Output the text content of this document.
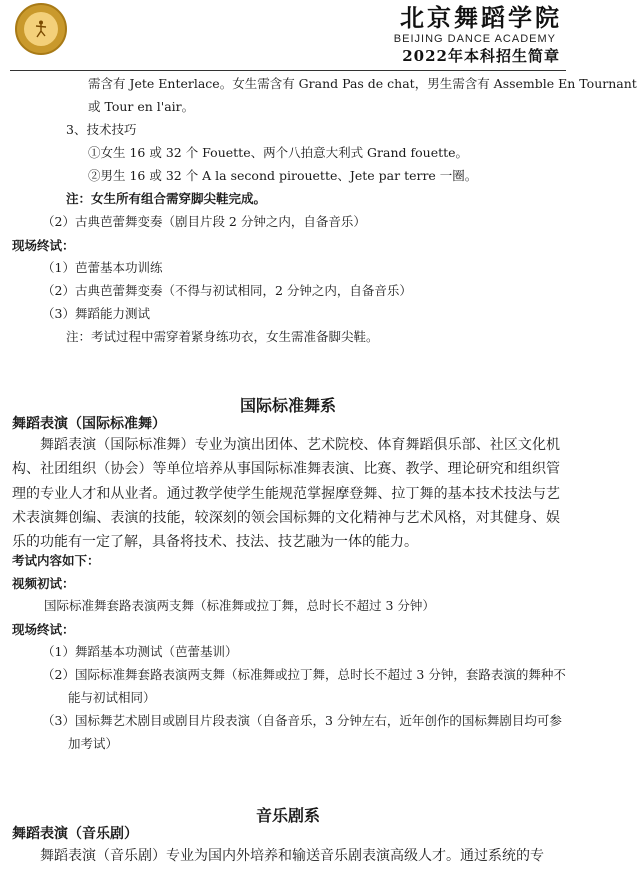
北京舞蹈学院
BEIJING DANCE ACADEMY
2022年本科招生简章
需含有 Jete Enterlace。女生需含有 Grand Pas de chat，男生需含有 Assemble En Tournant
或 Tour en l'air。
3、技术技巧
①女生 16 或 32 个 Fouette、两个八拍意大利式 Grand fouette。
②男生 16 或 32 个 A la second pirouette、Jete par terre 一圈。
注：女生所有组合需穿脚尖鞋完成。
（2）古典芭蕾舞变奏（剧目片段 2 分钟之内，自备音乐）
现场终试：
（1）芭蕾基本功训练
（2）古典芭蕾舞变奏（不得与初试相同，2 分钟之内，自备音乐）
（3）舞蹈能力测试
注：考试过程中需穿着紧身练功衣，女生需准备脚尖鞋。
国际标准舞系
舞蹈表演（国际标准舞）
舞蹈表演（国际标准舞）专业为演出团体、艺术院校、体育舞蹈俱乐部、社区文化机构、社团组织（协会）等单位培养从事国际标准舞表演、比赛、教学、理论研究和组织管理的专业人才和从业者。通过教学使学生能规范掌握摩登舞、拉丁舞的基本技术技法与艺术表演舞创编、表演的技能，较深刻的领会国标舞的文化精神与艺术风格，对其健身、娱乐的功能有一定了解，具备将技术、技法、技艺融为一体的能力。
考试内容如下：
视频初试：
国际标准舞套路表演两支舞（标准舞或拉丁舞，总时长不超过 3 分钟）
现场终试：
（1）舞蹈基本功测试（芭蕾基训）
（2）国际标准舞套路表演两支舞（标准舞或拉丁舞，总时长不超过 3 分钟，套路表演的舞种不
能与初试相同）
（3）国标舞艺术剧目或剧目片段表演（自备音乐，3 分钟左右，近年创作的国标舞剧目均可参
加考试）
音乐剧系
舞蹈表演（音乐剧）
舞蹈表演（音乐剧）专业为国内外培养和输送音乐剧表演高级人才。通过系统的专
